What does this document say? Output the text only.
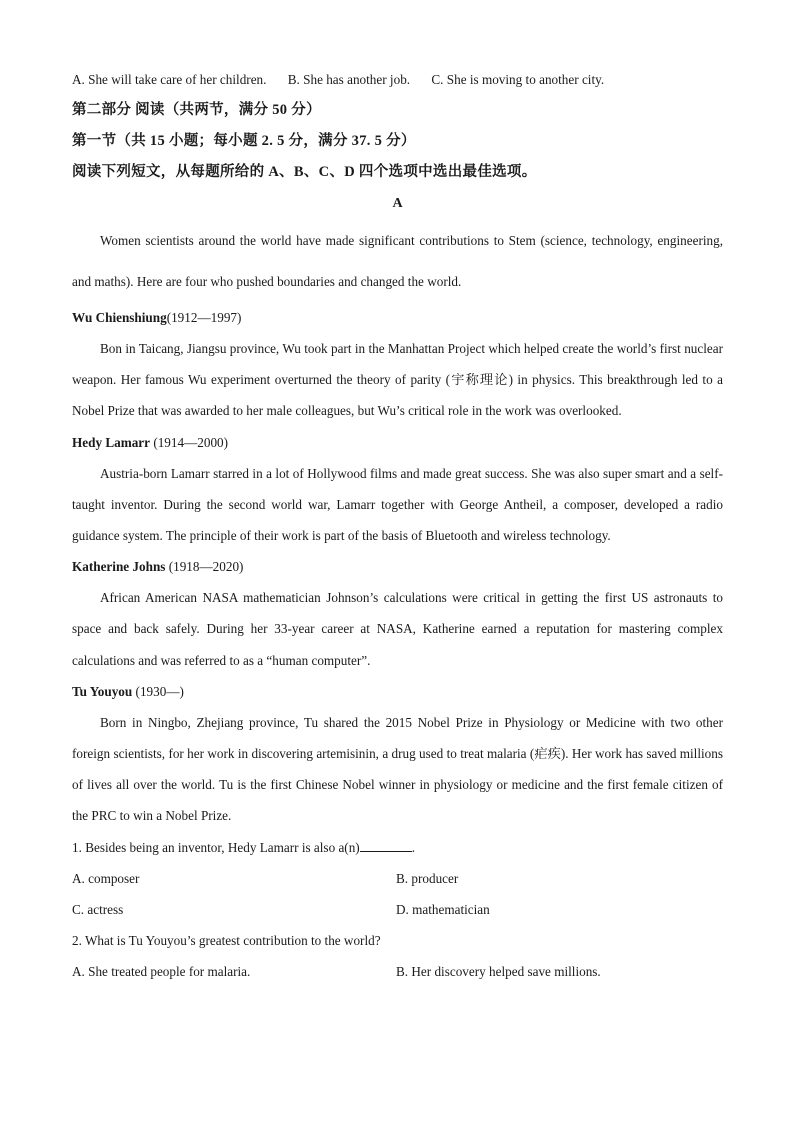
A. She will take care of her children. B. She has another job. C. She is moving to another city.
第二部分 阅读（共两节，满分 50 分）
第一节（共 15 小题；每小题 2. 5 分，满分 37. 5 分）
阅读下列短文，从每题所给的 A、B、C、D 四个选项中选出最佳选项。
A

Women scientists around the world have made significant contributions to Stem (science, technology, engineering, and maths). Here are four who pushed boundaries and changed the world.

Wu Chienshiung(1912—1997)

Bon in Taicang, Jiangsu province, Wu took part in the Manhattan Project which helped create the world’s first nuclear weapon. Her famous Wu experiment overturned the theory of parity (宇称理论) in physics. This breakthrough led to a Nobel Prize that was awarded to her male colleagues, but Wu’s critical role in the work was overlooked.

Hedy Lamarr (1914—2000)

Austria-born Lamarr starred in a lot of Hollywood films and made great success. She was also super smart and a self-taught inventor. During the second world war, Lamarr together with George Antheil, a composer, developed a radio guidance system. The principle of their work is part of the basis of Bluetooth and wireless technology.

Katherine Johns (1918—2020)

African American NASA mathematician Johnson’s calculations were critical in getting the first US astronauts to space and back safely. During her 33-year career at NASA, Katherine earned a reputation for mastering complex calculations and was referred to as a “human computer”.

Tu Youyou (1930—)

Born in Ningbo, Zhejiang province, Tu shared the 2015 Nobel Prize in Physiology or Medicine with two other foreign scientists, for her work in discovering artemisinin, a drug used to treat malaria (疟疾). Her work has saved millions of lives all over the world. Tu is the first Chinese Nobel winner in physiology or medicine and the first female citizen of the PRC to win a Nobel Prize.

1. Besides being an inventor, Hedy Lamarr is also a(n)	.
A. composer	B. producer
C. actress	D. mathematician
2. What is Tu Youyou’s greatest contribution to the world?
A. She treated people for malaria.	B. Her discovery helped save millions.
